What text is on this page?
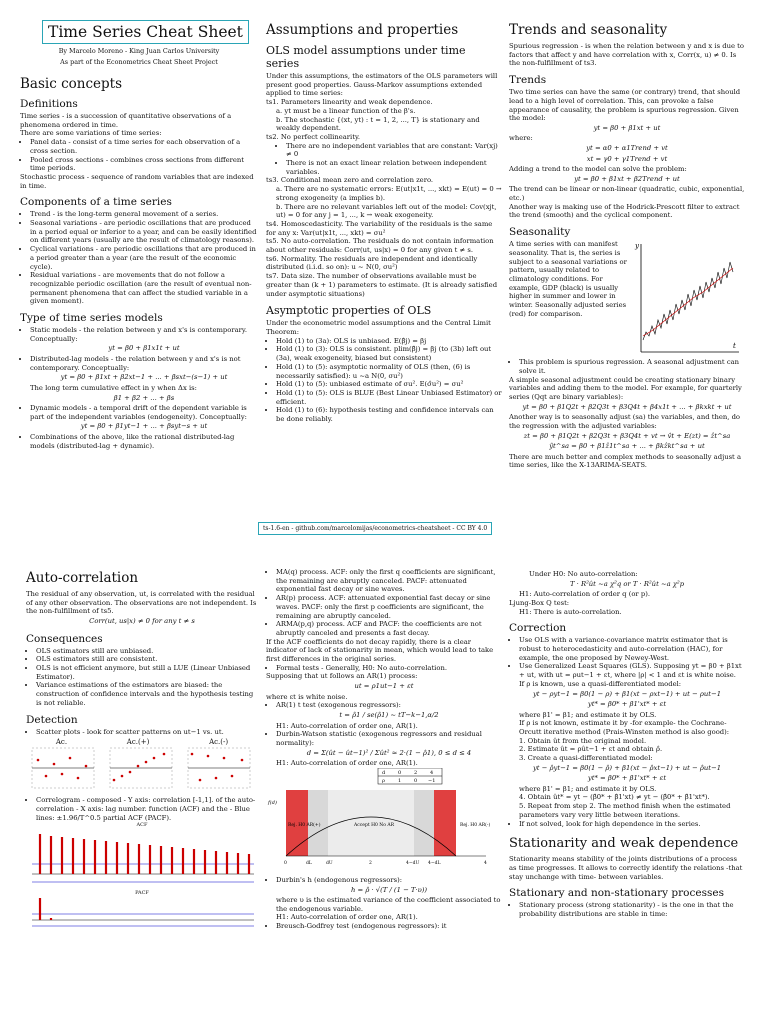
Time Series Cheat Sheet
By Marcelo Moreno - King Juan Carlos University
As part of the Econometrics Cheat Sheet Project
Basic concepts
Definitions

Time series - is a succession of quantitative observations of a phenomena ordered in time.

There are some variations of time series:

• Panel data - consist of a time series for each observation of a cross section.
• Pooled cross sections - combines cross sections from different time periods.

Stochastic process - sequence of random variables that are indexed in time.

Components of a time series
• Trend - is the long-term general movement of a series.
• Seasonal variations - are periodic oscillations that are produced in a period equal or inferior to a year, and can be easily identified on different years (usually are the result of climatology reasons).
• Cyclical variations - are periodic oscillations that are produced in a period greater than a year (are the result of the economic cycle).
• Residual variations - are movements that do not follow a recognizable periodic oscillation (are the result of eventual non-permanent phenomena that can affect the studied variable in a given moment).
Type of time series models
• Static models - the relation between y and x's is contemporary. Conceptually:
yt = β0 + β1x1t + ut
• Distributed-lag models - the relation between y and x's is not contemporary. Conceptually:
yt = β0 + β1xt + β2xt−1 + ... + βsxt−(s−1) + ut
The long term cumulative effect in y when Δx is:
β1 + β2 + ... + βs
• Dynamic models - a temporal drift of the dependent variable is part of the independent variables (endogeneity). Conceptually:
yt = β0 + β1yt−1 + ... + βsyt−s + ut
• Combinations of the above, like the rational distributed-lag models (distributed-lag + dynamic).
Assumptions and properties
OLS model assumptions under time series

Under this assumptions, the estimators of the OLS parameters will present good properties. Gauss-Markov assumptions extended applied to time series:

ts1. Parameters linearity and weak dependence.

a. yt must be a linear function of the β's.

b. The stochastic {(xt, yt) : t = 1, 2, ..., T} is stationary and weakly dependent.

ts2. No perfect collinearity.

• There are no independent variables that are constant: Var(xj) ≠ 0
• There is not an exact linear relation between independent variables.

ts3. Conditional mean zero and correlation zero.

a. There are no systematic errors: E(ut|x1t, ..., xkt) = E(ut) = 0 → strong exogeneity (a implies b).

b. There are no relevant variables left out of the model: Cov(xjt, ut) = 0 for any j = 1, ..., k → weak exogeneity.

ts4. Homoscedasticity. The variability of the residuals is the same for any x: Var(ut|x1t, ..., xkt) = σu²

ts5. No auto-correlation. The residuals do not contain information about other residuals: Corr(ut, us|x) = 0 for any given t ≠ s.

ts6. Normality. The residuals are independent and identically distributed (i.i.d. so on): u ~ N(0, σu²)

ts7. Data size. The number of observations available must be greater than (k + 1) parameters to estimate. (It is already satisfied under asymptotic situations)

Asymptotic properties of OLS

Under the econometric model assumptions and the Central Limit Theorem:

• Hold (1) to (3a): OLS is unbiased. E(β̂j) = βj
• Hold (1) to (3): OLS is consistent. plim(β̂j) = βj (to (3b) left out (3a), weak exogeneity, biased but consistent)
• Hold (1) to (5): asymptotic normality of OLS (then, (6) is necessarily satisfied): u ~a N(0, σu²)
• Hold (1) to (5): unbiased estimate of σu². E(σ̂u²) = σu²
• Hold (1) to (5): OLS is BLUE (Best Linear Unbiased Estimator) or efficient.
• Hold (1) to (6): hypothesis testing and confidence intervals can be done reliably.
Trends and seasonality

Spurious regression - is when the relation between y and x is due to factors that affect y and have correlation with x, Corr(x, u) ≠ 0. Is the non-fulfillment of ts3.

Trends

Two time series can have the same (or contrary) trend, that should lead to a high level of correlation. This, can provoke a false appearance of causality, the problem is spurious regression. Given the model:

yt = β0 + β1xt + ut

where:

yt = α0 + α1Trend + vt
xt = γ0 + γ1Trend + vt

Adding a trend to the model can solve the problem:

yt = β0 + β1xt + β2Trend + ut

The trend can be linear or non-linear (quadratic, cubic, exponential, etc.)

Another way is making use of the Hodrick-Prescott filter to extract the trend (smooth) and the cyclical component.

Seasonality

A time series with can manifest seasonality. That is, the series is subject to a seasonal variations or pattern, usually related to climatology conditions. For example, GDP (black) is usually higher in summer and lower in winter. Seasonally adjusted series (red) for comparison.

y
t
• This problem is spurious regression. A seasonal adjustment can solve it.

A simple seasonal adjustment could be creating stationary binary variables and adding them to the model. For example, for quarterly series (Qqt are binary variables):

yt = β0 + β1Q2t + β2Q3t + β3Q4t + β4x1t + ... + βkxkt + ut

Another way is to seasonally adjust (sa) the variables, and then, do the regression with the adjusted variables:

zt = β0 + β1Q2t + β2Q3t + β3Q4t + vt → v̂t + E(zt) = ẑt^sa
ŷt^sa = β0 + β1ẑ1t^sa + ... + βkẑkt^sa + ut

There are much better and complex methods to seasonally adjust a time series, like the X-13ARIMA-SEATS.

ts-1.6-en - github.com/marcelomijas/econometrics-cheatsheet - CC BY 4.0
Auto-correlation

The residual of any observation, ut, is correlated with the residual of any other observation. The observations are not independent. Is the non-fulfillment of ts5.

Corr(ut, us|x) ≠ 0 for any t ≠ s
Consequences
• OLS estimators still are unbiased.
• OLS estimators still are consistent.
• OLS is not efficient anymore, but still a LUE (Linear Unbiased Estimator).
• Variance estimations of the estimators are biased: the construction of confidence intervals and the hypothesis testing is not reliable.
Detection
• Scatter plots - look for scatter patterns on ut−1 vs. ut.
Ac.	Ac.(+)	Ac.(-)
• Correlogram - composed - Y axis: correlation [-1,1]. of the auto-correlation - X axis: lag number. function (ACF) and the - Blue lines: ±1.96/T^0.5 partial ACF (PACF).
ACF
PACF
• MA(q) process. ACF: only the first q coefficients are significant, the remaining are abruptly canceled. PACF: attenuated exponential fast decay or sine waves.
• AR(p) process. ACF: attenuated exponential fast decay or sine waves. PACF: only the first p coefficients are significant, the remaining are abruptly canceled.
• ARMA(p,q) process. ACF and PACF: the coefficients are not abruptly canceled and presents a fast decay.

If the ACF coefficients do not decay rapidly, there is a clear indicator of lack of stationarity in mean, which would lead to take first differences in the original series.

• Formal tests - Generally, H0: No auto-correlation.

Supposing that ut follows an AR(1) process:

ut = ρ1ut−1 + εt

where εt is white noise.

• AR(1) t test (exogenous regressors):
t = ρ̂1 / se(ρ̂1) ~ tT−k−1,α/2
H1: Auto-correlation of order one, AR(1).
• Durbin-Watson statistic (exogenous regressors and residual normality):
d = Σ(ût − ût−1)² / Σût² ≈ 2·(1 − ρ̂1), 0 ≤ d ≤ 4
H1: Auto-correlation of order one, AR(1).
d	0	2	4
ρ	1	0 −1
f(d)
Rej. H0 AR(+)	Accept H0 No AR	Rej. H0 AR(-)
0	dL	dU	2	4−dU 4−dL	4
• Durbin's h (endogenous regressors):
h = ρ̂ · √(T / (1 − T·υ))
where υ is the estimated variance of the coefficient associated to the endogenous variable.
H1: Auto-correlation of order one, AR(1).
• Breusch-Godfrey test (endogenous regressors): it

Under H0: No auto-correlation:

T · R²ût ~a χ²q or T · R²ût ~a χ²p

H1: Auto-correlation of order q (or p).

Ljung-Box Q test:

H1: There is auto-correlation.

Correction
• Use OLS with a variance-covariance matrix estimator that is robust to heterocedasticity and auto-correlation (HAC), for example, the one proposed by Newey-West.
• Use Generalized Least Squares (GLS). Supposing yt = β0 + β1xt + ut, with ut = ρut−1 + εt, where |ρ| < 1 and εt is white noise.

If ρ is known, use a quasi-differentiated model:

yt − ρyt−1 = β0(1 − ρ) + β1(xt − ρxt−1) + ut − ρut−1
yt* = β0* + β1'xt* + εt

where β1' = β1; and estimate it by OLS.

If ρ is not known, estimate it by -for example- the Cochrane-Orcutt iterative method (Prais-Winsten method is also good):

1. Obtain ût from the original model.
2. Estimate ût = ρût−1 + εt and obtain ρ̂.
3. Create a quasi-differentiated model:
yt − ρ̂yt−1 = β0(1 − ρ̂) + β1(xt − ρ̂xt−1) + ut − ρ̂ut−1
yt* = β0* + β1'xt* + εt

where β1' = β1; and estimate it by OLS.

4. Obtain ût* = yt − (β̂0* + β̂1'xt) ≠ yt − (β̂0* + β̂1'xt*).
5. Repeat from step 2. The method finish when the estimated parameters vary very little between iterations.
• If not solved, look for high dependence in the series.
Stationarity and weak dependence

Stationarity means stability of the joints distributions of a process as time progresses. It allows to correctly identify the relations -that stay unchange with time- between variables.

Stationary and non-stationary processes
• Stationary process (strong stationarity) - is the one in that the probability distributions are stable in time:
